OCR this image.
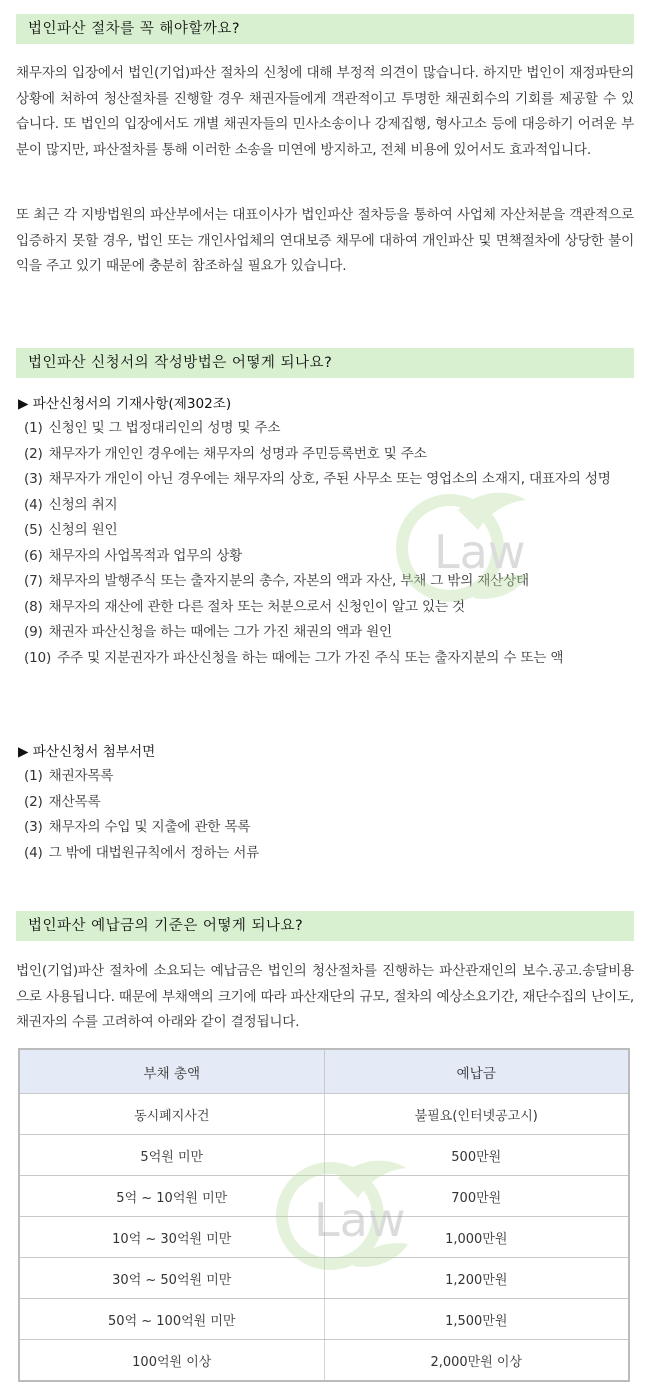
법인파산 절차를 꼭 해야할까요?

채무자의 입장에서 법인(기업)파산 절차의 신청에 대해 부정적 의견이 많습니다. 하지만 법인이 재정파탄의 상황에 처하여 청산절차를 진행할 경우 채권자들에게 객관적이고 투명한 채권회수의 기회를 제공할 수 있습니다. 또 법인의 입장에서도 개별 채권자들의 민사소송이나 강제집행, 형사고소 등에 대응하기 어려운 부분이 많지만, 파산절차를 통해 이러한 소송을 미연에 방지하고, 전체 비용에 있어서도 효과적입니다.

또 최근 각 지방법원의 파산부에서는 대표이사가 법인파산 절차등을 통하여 사업체 자산처분을 객관적으로 입증하지 못할 경우, 법인 또는 개인사업체의 연대보증 채무에 대하여 개인파산 및 면책절차에 상당한 불이익을 주고 있기 때문에 충분히 참조하실 필요가 있습니다.

법인파산 신청서의 작성방법은 어떻게 되나요?

▶ 파산신청서의 기재사항(제302조)

(1) 신청인 및 그 법정대리인의 성명 및 주소
(2) 채무자가 개인인 경우에는 채무자의 성명과 주민등록번호 및 주소
(3) 채무자가 개인이 아닌 경우에는 채무자의 상호, 주된 사무소 또는 영업소의 소재지, 대표자의 성명
(4) 신청의 취지
(5) 신청의 원인
(6) 채무자의 사업목적과 업무의 상황
(7) 채무자의 발행주식 또는 출자지분의 총수, 자본의 액과 자산, 부채 그 밖의 재산상태
(8) 채무자의 재산에 관한 다른 절차 또는 처분으로서 신청인이 알고 있는 것
(9) 채권자 파산신청을 하는 때에는 그가 가진 채권의 액과 원인
(10) 주주 및 지분권자가 파산신청을 하는 때에는 그가 가진 주식 또는 출자지분의 수 또는 액

▶ 파산신청서 첨부서면

(1) 채권자목록
(2) 재산목록
(3) 채무자의 수입 및 지출에 관한 목록
(4) 그 밖에 대법원규칙에서 정하는 서류
법인파산 예납금의 기준은 어떻게 되나요?

법인(기업)파산 절차에 소요되는 예납금은 법인의 청산절차를 진행하는 파산관재인의 보수.공고.송달비용으로 사용됩니다. 때문에 부채액의 크기에 따라 파산재단의 규모, 절차의 예상소요기간, 재단수집의 난이도, 채권자의 수를 고려하여 아래와 같이 결정됩니다.

부채 총액	예납금
동시폐지사건	불필요(인터넷공고시)
5억원 미만	500만원
5억 ~ 10억원 미만	700만원
10억 ~ 30억원 미만	1,000만원
30억 ~ 50억원 미만	1,200만원
50억 ~ 100억원 미만	1,500만원
100억원 이상	2,000만원 이상
Law
Law
